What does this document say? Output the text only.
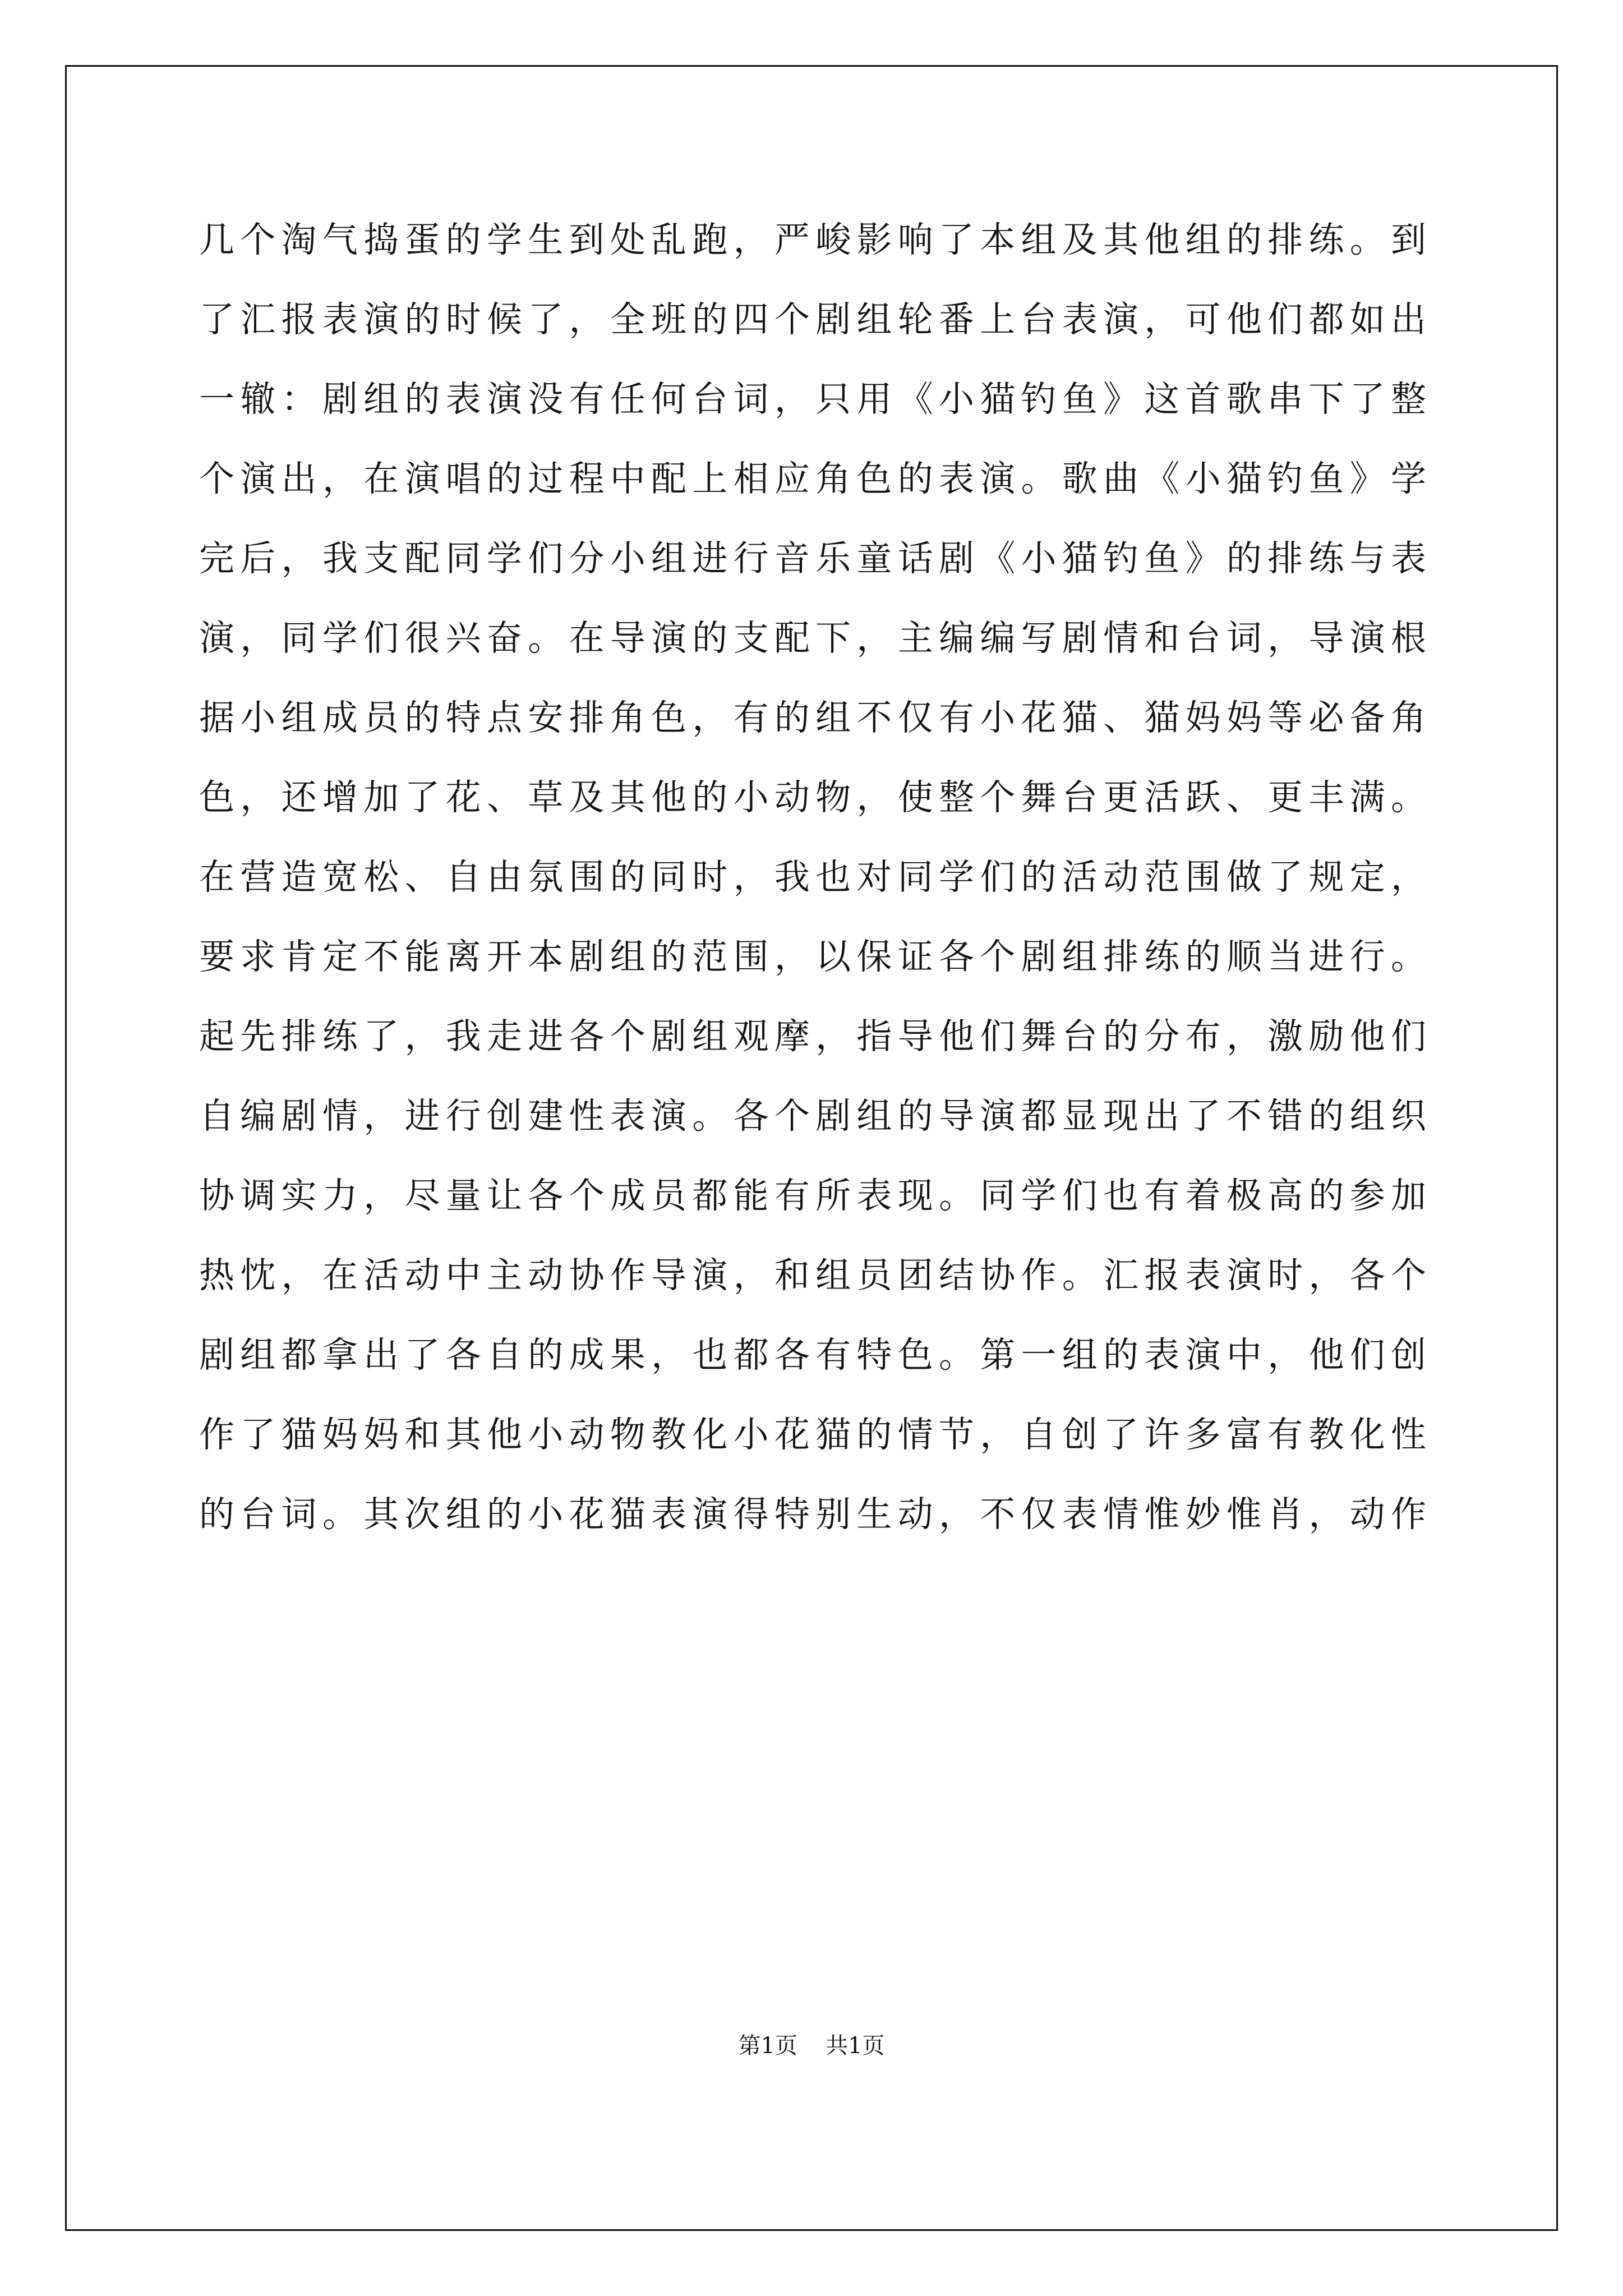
几个淘气捣蛋的学生到处乱跑，严峻影响了本组及其他组的排练。到
了汇报表演的时候了，全班的四个剧组轮番上台表演，可他们都如出
一辙：剧组的表演没有任何台词，只用《小猫钓鱼》这首歌串下了整
个演出，在演唱的过程中配上相应角色的表演。歌曲《小猫钓鱼》学
完后，我支配同学们分小组进行音乐童话剧《小猫钓鱼》的排练与表
演，同学们很兴奋。在导演的支配下，主编编写剧情和台词，导演根
据小组成员的特点安排角色，有的组不仅有小花猫、猫妈妈等必备角
色，还增加了花、草及其他的小动物，使整个舞台更活跃、更丰满。
在营造宽松、自由氛围的同时，我也对同学们的活动范围做了规定，
要求肯定不能离开本剧组的范围，以保证各个剧组排练的顺当进行。
起先排练了，我走进各个剧组观摩，指导他们舞台的分布，激励他们
自编剧情，进行创建性表演。各个剧组的导演都显现出了不错的组织
协调实力，尽量让各个成员都能有所表现。同学们也有着极高的参加
热忱，在活动中主动协作导演，和组员团结协作。汇报表演时，各个
剧组都拿出了各自的成果，也都各有特色。第一组的表演中，他们创
作了猫妈妈和其他小动物教化小花猫的情节，自创了许多富有教化性
的台词。其次组的小花猫表演得特别生动，不仅表情惟妙惟肖，动作
第1页 共1页
